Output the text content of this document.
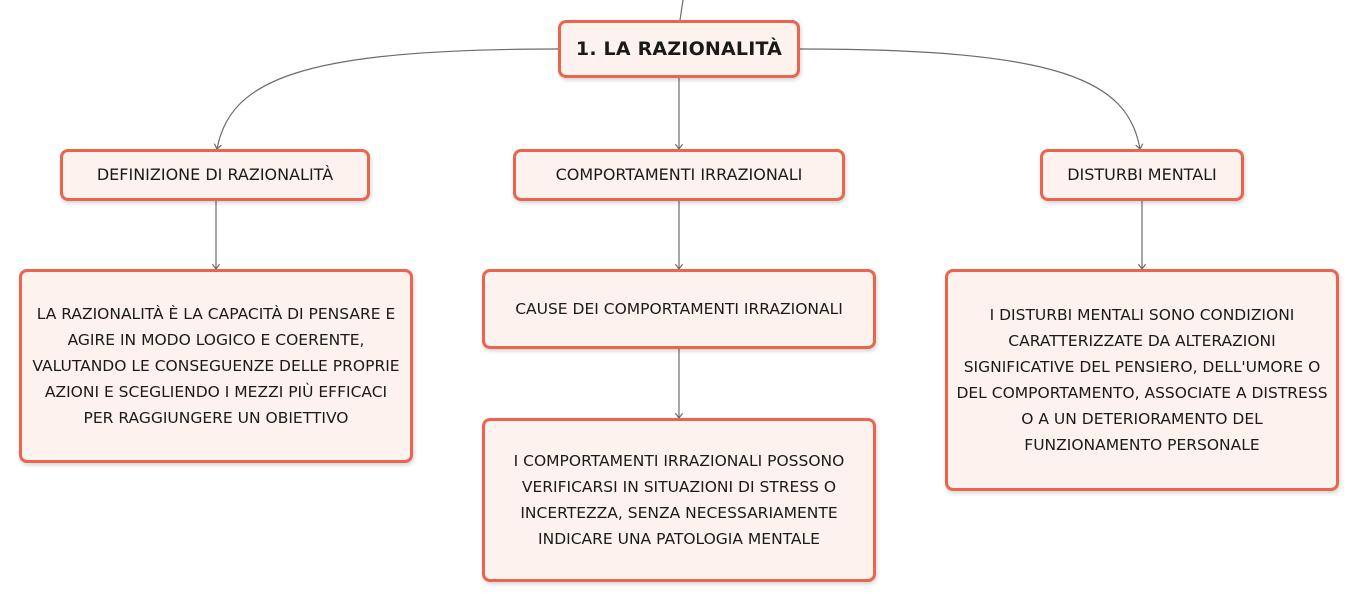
1. LA RAZIONALITÀ
DEFINIZIONE DI RAZIONALITÀ	COMPORTAMENTI IRRAZIONALI	DISTURBI MENTALI
LA RAZIONALITÀ È LA CAPACITÀ DI PENSARE E AGIRE IN MODO LOGICO E COERENTE, VALUTANDO LE CONSEGUENZE DELLE PROPRIE AZIONI E SCEGLIENDO I MEZZI PIÙ EFFICACI PER RAGGIUNGERE UN OBIETTIVO
CAUSE DEI COMPORTAMENTI IRRAZIONALI
I COMPORTAMENTI IRRAZIONALI POSSONO VERIFICARSI IN SITUAZIONI DI STRESS O INCERTEZZA, SENZA NECESSARIAMENTE INDICARE UNA PATOLOGIA MENTALE
I DISTURBI MENTALI SONO CONDIZIONI CARATTERIZZATE DA ALTERAZIONI SIGNIFICATIVE DEL PENSIERO, DELL'UMORE O DEL COMPORTAMENTO, ASSOCIATE A DISTRESS O A UN DETERIORAMENTO DEL FUNZIONAMENTO PERSONALE
